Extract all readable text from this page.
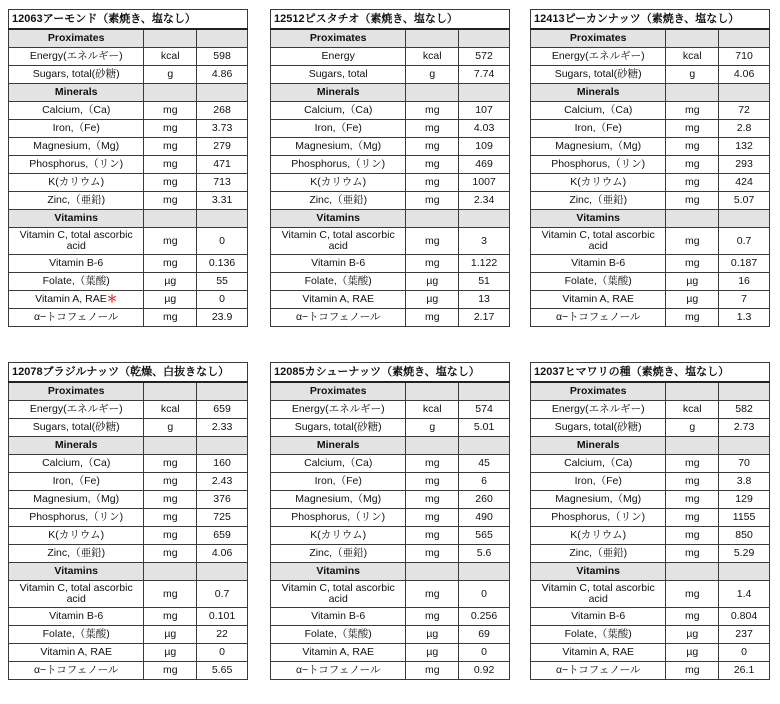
12063アーモンド（素焼き、塩なし）		
Proximates		
Energy(エネルギー)	kcal	598
Sugars, total(砂糖)	g	4.86
Minerals		
Calcium,（Ca)	mg	268
Iron,（Fe)	mg	3.73
Magnesium,（Mg)	mg	279
Phosphorus,（リン)	mg	471
K(カリウム)	mg	713
Zinc,（亜鉛)	mg	3.31
Vitamins		
Vitamin C, total ascorbic acid	mg	0
Vitamin B-6	mg	0.136
Folate,（葉酸)	µg	55
Vitamin A, RAE＊	µg	0
α−トコフェノール	mg	23.9
12512ピスタチオ（素焼き、塩なし）		
Proximates		
Energy	kcal	572
Sugars, total	g	7.74
Minerals		
Calcium,（Ca)	mg	107
Iron,（Fe)	mg	4.03
Magnesium,（Mg)	mg	109
Phosphorus,（リン)	mg	469
K(カリウム)	mg	1007
Zinc,（亜鉛)	mg	2.34
Vitamins		
Vitamin C, total ascorbic acid	mg	3
Vitamin B-6	mg	1.122
Folate,（葉酸)	µg	51
Vitamin A, RAE	µg	13
α−トコフェノール	mg	2.17
12413ピーカンナッツ（素焼き、塩なし）		
Proximates		
Energy(エネルギー)	kcal	710
Sugars, total(砂糖)	g	4.06
Minerals		
Calcium,（Ca)	mg	72
Iron,（Fe)	mg	2.8
Magnesium,（Mg)	mg	132
Phosphorus,（リン)	mg	293
K(カリウム)	mg	424
Zinc,（亜鉛)	mg	5.07
Vitamins		
Vitamin C, total ascorbic acid	mg	0.7
Vitamin B-6	mg	0.187
Folate,（葉酸)	µg	16
Vitamin A, RAE	µg	7
α−トコフェノール	mg	1.3
12078ブラジルナッツ（乾燥、白抜きなし）		
Proximates		
Energy(エネルギー)	kcal	659
Sugars, total(砂糖)	g	2.33
Minerals		
Calcium,（Ca)	mg	160
Iron,（Fe)	mg	2.43
Magnesium,（Mg)	mg	376
Phosphorus,（リン)	mg	725
K(カリウム)	mg	659
Zinc,（亜鉛)	mg	4.06
Vitamins		
Vitamin C, total ascorbic acid	mg	0.7
Vitamin B-6	mg	0.101
Folate,（葉酸)	µg	22
Vitamin A, RAE	µg	0
α−トコフェノール	mg	5.65
12085カシューナッツ（素焼き、塩なし）		
Proximates		
Energy(エネルギー)	kcal	574
Sugars, total(砂糖)	g	5.01
Minerals		
Calcium,（Ca)	mg	45
Iron,（Fe)	mg	6
Magnesium,（Mg)	mg	260
Phosphorus,（リン)	mg	490
K(カリウム)	mg	565
Zinc,（亜鉛)	mg	5.6
Vitamins		
Vitamin C, total ascorbic acid	mg	0
Vitamin B-6	mg	0.256
Folate,（葉酸)	µg	69
Vitamin A, RAE	µg	0
α−トコフェノール	mg	0.92
12037ヒマワリの種（素焼き、塩なし）		
Proximates		
Energy(エネルギー)	kcal	582
Sugars, total(砂糖)	g	2.73
Minerals		
Calcium,（Ca)	mg	70
Iron,（Fe)	mg	3.8
Magnesium,（Mg)	mg	129
Phosphorus,（リン)	mg	1155
K(カリウム)	mg	850
Zinc,（亜鉛)	mg	5.29
Vitamins		
Vitamin C, total ascorbic acid	mg	1.4
Vitamin B-6	mg	0.804
Folate,（葉酸)	µg	237
Vitamin A, RAE	µg	0
α−トコフェノール	mg	26.1
